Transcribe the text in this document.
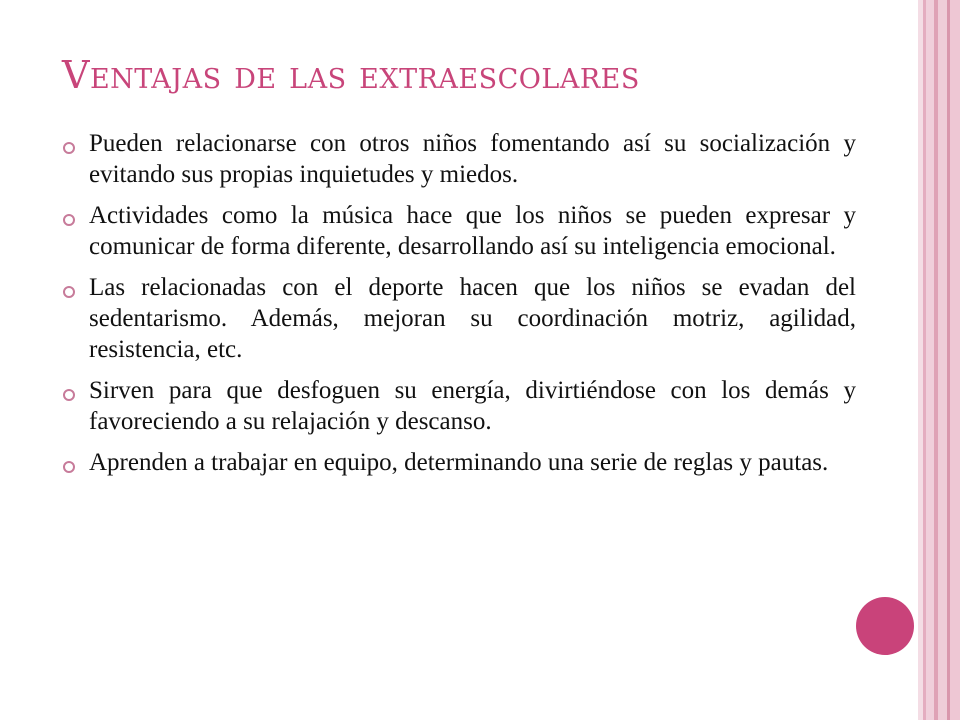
Ventajas de las extraescolares
Pueden relacionarse con otros niños fomentando así su socialización y evitando sus propias inquietudes y miedos.
Actividades como la música hace que los niños se pueden expresar y comunicar de forma diferente, desarrollando así su inteligencia emocional.
Las relacionadas con el deporte hacen que los niños se evadan del sedentarismo. Además, mejoran su coordinación motriz, agilidad, resistencia, etc.
Sirven para que desfoguen su energía, divirtiéndose con los demás y favoreciendo a su relajación y descanso.
Aprenden a trabajar en equipo, determinando una serie de reglas y pautas.
